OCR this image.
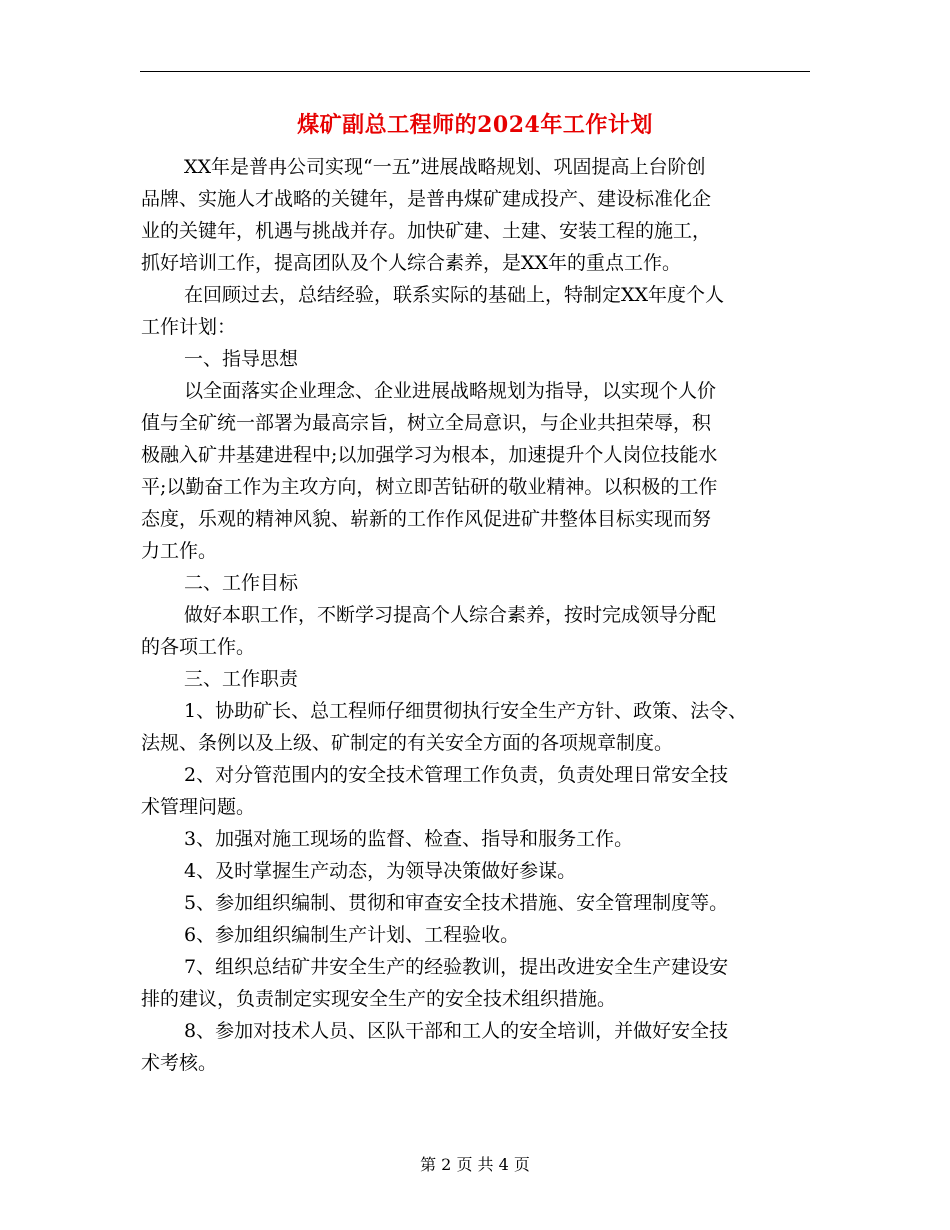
煤矿副总工程师的2024年工作计划
XX年是普冉公司实现“一五”进展战略规划、巩固提高上台阶创
品牌、实施人才战略的关键年，是普冉煤矿建成投产、建设标准化企
业的关键年，机遇与挑战并存。加快矿建、土建、安装工程的施工，
抓好培训工作，提高团队及个人综合素养，是XX年的重点工作。
在回顾过去，总结经验，联系实际的基础上，特制定XX年度个人
工作计划：
一、指导思想
以全面落实企业理念、企业进展战略规划为指导，以实现个人价
值与全矿统一部署为最高宗旨，树立全局意识，与企业共担荣辱，积
极融入矿井基建进程中;以加强学习为根本，加速提升个人岗位技能水
平;以勤奋工作为主攻方向，树立即苦钻研的敬业精神。以积极的工作
态度，乐观的精神风貌、崭新的工作作风促进矿井整体目标实现而努
力工作。
二、工作目标
做好本职工作，不断学习提高个人综合素养，按时完成领导分配
的各项工作。
三、工作职责
1、协助矿长、总工程师仔细贯彻执行安全生产方针、政策、法令、
法规、条例以及上级、矿制定的有关安全方面的各项规章制度。
2、对分管范围内的安全技术管理工作负责，负责处理日常安全技
术管理问题。
3、加强对施工现场的监督、检查、指导和服务工作。
4、及时掌握生产动态，为领导决策做好参谋。
5、参加组织编制、贯彻和审查安全技术措施、安全管理制度等。
6、参加组织编制生产计划、工程验收。
7、组织总结矿井安全生产的经验教训，提出改进安全生产建设安
排的建议，负责制定实现安全生产的安全技术组织措施。
8、参加对技术人员、区队干部和工人的安全培训，并做好安全技
术考核。
第 2 页 共 4 页
